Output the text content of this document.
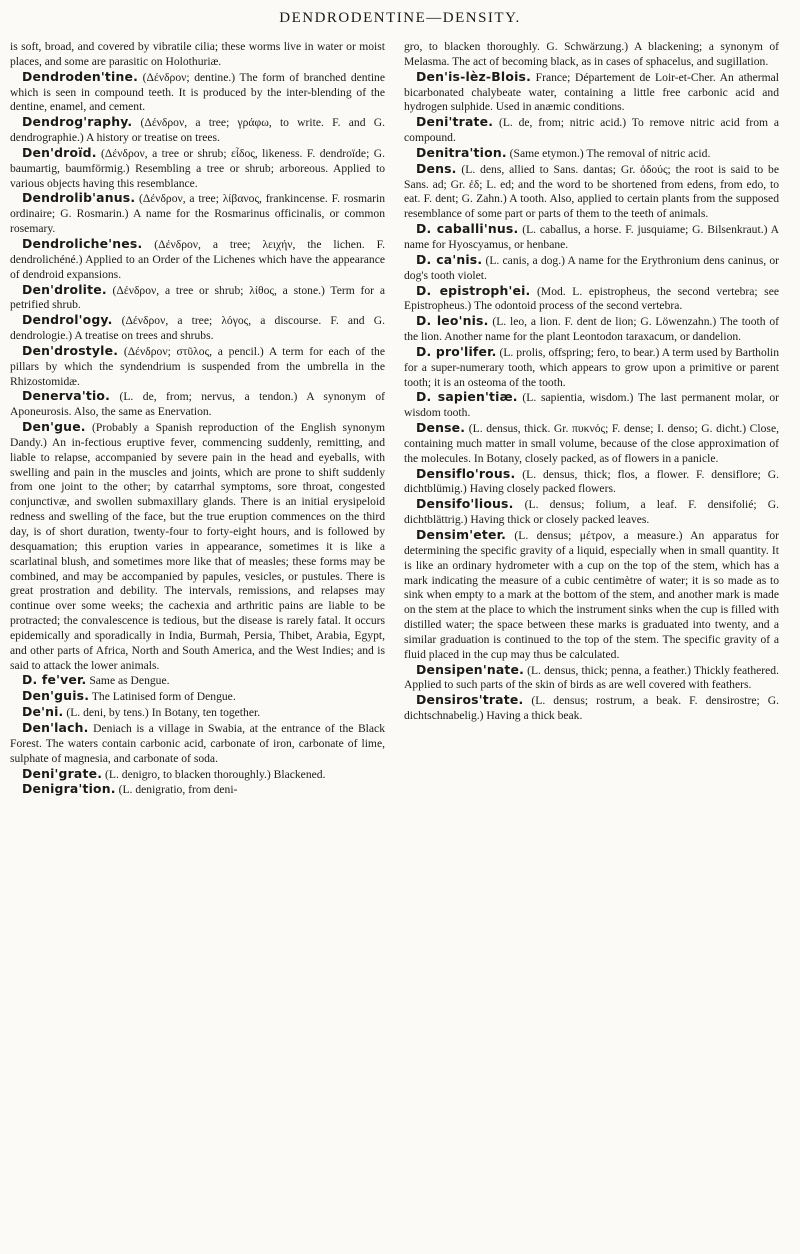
DENDRODENTINE—DENSITY.

is soft, broad, and covered by vibratile cilia; these worms live in water or moist places, and some are parasitic on Holothuriæ.

Dendroden'tine. (Δένδρον; dentine.) The form of branched dentine which is seen in compound teeth. It is produced by the inter-blending of the dentine, enamel, and cement.

Dendrog'raphy. (Δένδρον, a tree; γράφω, to write. F. and G. dendrographie.) A history or treatise on trees.

Den'droïd. (Δένδρον, a tree or shrub; εἶδος, likeness. F. dendroïde; G. baumartig, baumförmig.) Resembling a tree or shrub; arboreous. Applied to various objects having this resemblance.

Dendrolib'anus. (Δένδρον, a tree; λίβανος, frankincense. F. rosmarin ordinaire; G. Rosmarin.) A name for the Rosmarinus officinalis, or common rosemary.

Dendroliche'nes. (Δένδρον, a tree; λειχήν, the lichen. F. dendrolichéné.) Applied to an Order of the Lichenes which have the appearance of dendroid expansions.

Den'drolite. (Δένδρον, a tree or shrub; λίθος, a stone.) Term for a petrified shrub.

Dendrol'ogy. (Δένδρον, a tree; λόγος, a discourse. F. and G. dendrologie.) A treatise on trees and shrubs.

Den'drostyle. (Δένδρον; στῦλος, a pencil.) A term for each of the pillars by which the syndendrium is suspended from the umbrella in the Rhizostomidæ.

Denerva'tio. (L. de, from; nervus, a tendon.) A synonym of Aponeurosis. Also, the same as Enervation.

Den'gue. (Probably a Spanish reproduction of the English synonym Dandy.) An in-fectious eruptive fever, commencing suddenly, remitting, and liable to relapse, accompanied by severe pain in the head and eyeballs, with swelling and pain in the muscles and joints, which are prone to shift suddenly from one joint to the other; by catarrhal symptoms, sore throat, congested conjunctivæ, and swollen submaxillary glands. There is an initial erysipeloid redness and swelling of the face, but the true eruption commences on the third day, is of short duration, twenty-four to forty-eight hours, and is followed by desquamation; this eruption varies in appearance, sometimes it is like a scarlatinal blush, and sometimes more like that of measles; these forms may be combined, and may be accompanied by papules, vesicles, or pustules. There is great prostration and debility. The intervals, remissions, and relapses may continue over some weeks; the cachexia and arthritic pains are liable to be protracted; the convalescence is tedious, but the disease is rarely fatal. It occurs epidemically and sporadically in India, Burmah, Persia, Thibet, Arabia, Egypt, and other parts of Africa, North and South America, and the West Indies; and is said to attack the lower animals.

D. fe'ver. Same as Dengue.

Den'guis. The Latinised form of Dengue.

De'ni. (L. deni, by tens.) In Botany, ten together.

Den'lach. Deniach is a village in Swabia, at the entrance of the Black Forest. The waters contain carbonic acid, carbonate of iron, carbonate of lime, sulphate of magnesia, and carbonate of soda.

Deni'grate. (L. denigro, to blacken thoroughly.) Blackened.

Denigra'tion. (L. denigratio, from deni-

gro, to blacken thoroughly. G. Schwärzung.) A blackening; a synonym of Melasma. The act of becoming black, as in cases of sphacelus, and sugillation.

Den'is-lèz-Blois. France; Département de Loir-et-Cher. An athermal bicarbonated chalybeate water, containing a little free carbonic acid and hydrogen sulphide. Used in anæmic conditions.

Deni'trate. (L. de, from; nitric acid.) To remove nitric acid from a compound.

Denitra'tion. (Same etymon.) The removal of nitric acid.

Dens. (L. dens, allied to Sans. dantas; Gr. ὀδούς; the root is said to be Sans. ad; Gr. ἐδ; L. ed; and the word to be shortened from edens, from edo, to eat. F. dent; G. Zahn.) A tooth. Also, applied to certain plants from the supposed resemblance of some part or parts of them to the teeth of animals.

D. caballi'nus. (L. caballus, a horse. F. jusquiame; G. Bilsenkraut.) A name for Hyoscyamus, or henbane.

D. ca'nis. (L. canis, a dog.) A name for the Erythronium dens caninus, or dog's tooth violet.

D. epistroph'ei. (Mod. L. epistropheus, the second vertebra; see Epistropheus.) The odontoid process of the second vertebra.

D. leo'nis. (L. leo, a lion. F. dent de lion; G. Löwenzahn.) The tooth of the lion. Another name for the plant Leontodon taraxacum, or dandelion.

D. pro'lifer. (L. prolis, offspring; fero, to bear.) A term used by Bartholin for a super-numerary tooth, which appears to grow upon a primitive or parent tooth; it is an osteoma of the tooth.

D. sapien'tiæ. (L. sapientia, wisdom.) The last permanent molar, or wisdom tooth.

Dense. (L. densus, thick. Gr. πυκνός; F. dense; I. denso; G. dicht.) Close, containing much matter in small volume, because of the close approximation of the molecules. In Botany, closely packed, as of flowers in a panicle.

Densiflo'rous. (L. densus, thick; flos, a flower. F. densiflore; G. dichtblümig.) Having closely packed flowers.

Densifo'lious. (L. densus; folium, a leaf. F. densifolié; G. dichtblättrig.) Having thick or closely packed leaves.

Densim'eter. (L. densus; μέτρον, a measure.) An apparatus for determining the specific gravity of a liquid, especially when in small quantity. It is like an ordinary hydrometer with a cup on the top of the stem, which has a mark indicating the measure of a cubic centimètre of water; it is so made as to sink when empty to a mark at the bottom of the stem, and another mark is made on the stem at the place to which the instrument sinks when the cup is filled with distilled water; the space between these marks is graduated into twenty, and a similar graduation is continued to the top of the stem. The specific gravity of a fluid placed in the cup may thus be calculated.

Densipen'nate. (L. densus, thick; penna, a feather.) Thickly feathered. Applied to such parts of the skin of birds as are well covered with feathers.

Densiros'trate. (L. densus; rostrum, a beak. F. densirostre; G. dichtschnabelig.) Having a thick beak.
